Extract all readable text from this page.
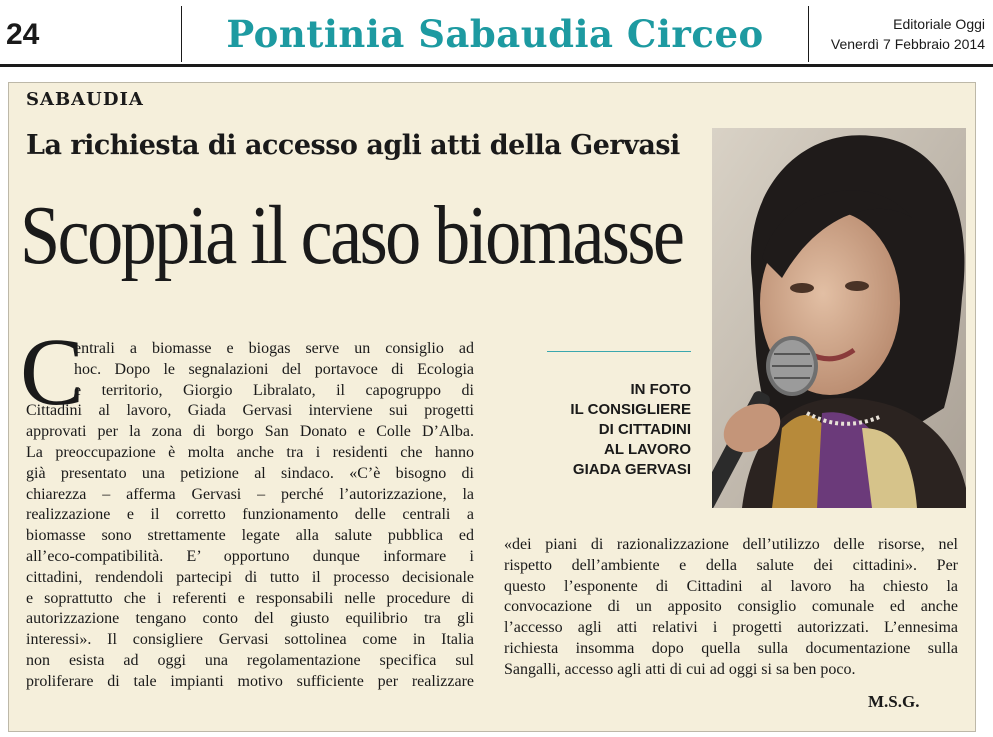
24	Pontinia Sabaudia Circeo	Editoriale Oggi
Venerdì 7 Febbraio 2014
SABAUDIA
La richiesta di accesso agli atti della Gervasi
Scoppia il caso biomasse
IN FOTO
IL CONSIGLIERE
DI CITTADINI
AL LAVORO
GIADA GERVASI
C
entrali a biomasse e biogas serve un consiglio ad
hoc. Dopo le segnalazioni del portavoce di Ecologia
e territorio, Giorgio Libralato, il capogruppo di
Cittadini al lavoro, Giada Gervasi interviene sui progetti
approvati per la zona di borgo San Donato e Colle D’Alba.
La preoccupazione è molta anche tra i residenti che hanno
già presentato una petizione al sindaco. «C’è bisogno di
chiarezza – afferma Gervasi – perché l’autorizzazione, la
realizzazione e il corretto funzionamento delle centrali a
biomasse sono strettamente legate alla salute pubblica ed
all’eco-compatibilità. E’ opportuno dunque informare i
cittadini, rendendoli partecipi di tutto il processo decisionale
e soprattutto che i referenti e responsabili nelle procedure di
autorizzazione tengano conto del giusto equilibrio tra gli
interessi». Il consigliere Gervasi sottolinea come in Italia
non esista ad oggi una regolamentazione specifica sul
proliferare di tale impianti motivo sufficiente per realizzare
«dei piani di razionalizzazione dell’utilizzo delle risorse, nel
rispetto dell’ambiente e della salute dei cittadini». Per
questo l’esponente di Cittadini al lavoro ha chiesto la
convocazione di un apposito consiglio comunale ed anche
l’accesso agli atti relativi i progetti autorizzati. L’ennesima
richiesta insomma dopo quella sulla documentazione sulla
Sangalli, accesso agli atti di cui ad oggi si sa ben poco.
M.S.G.
